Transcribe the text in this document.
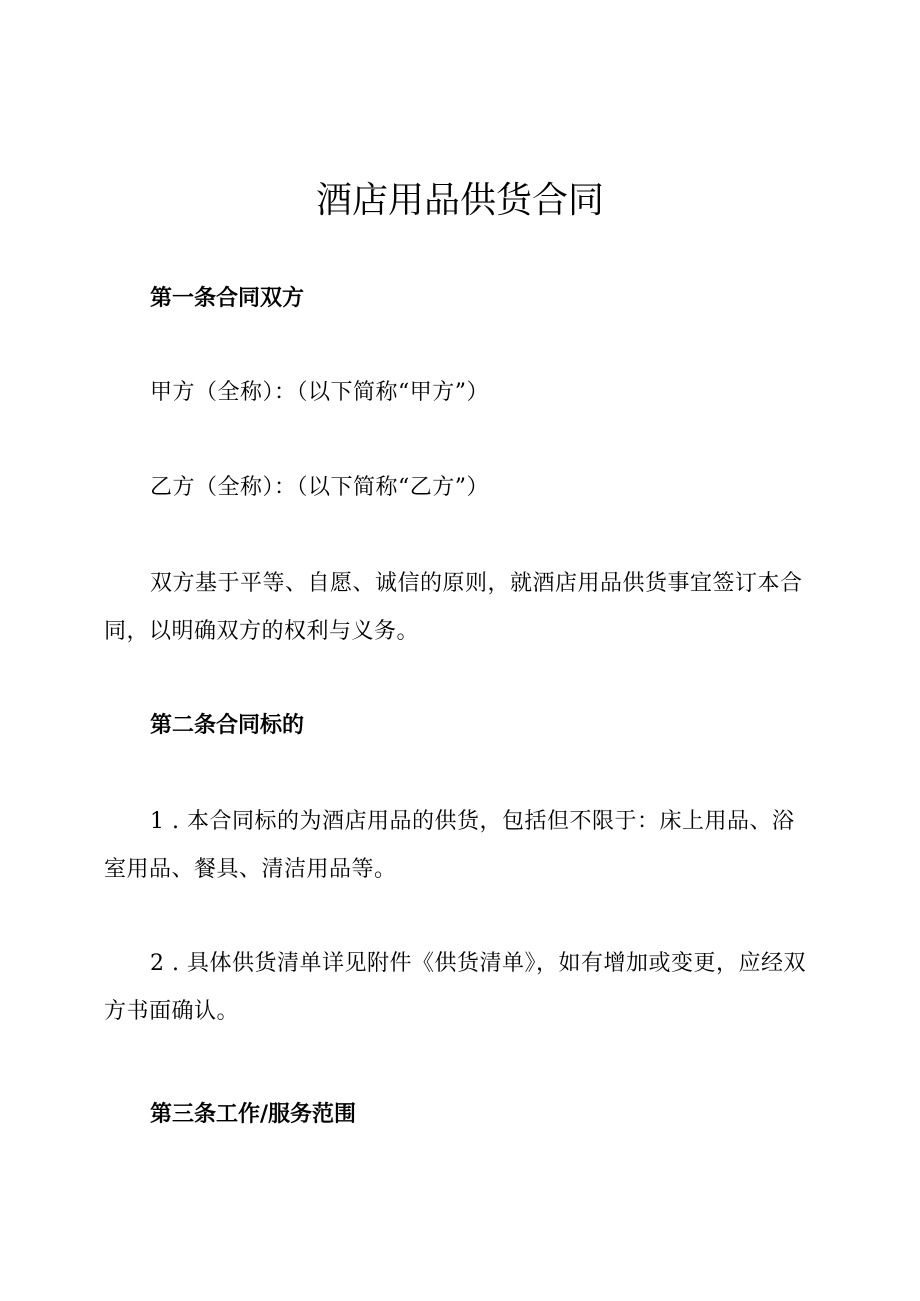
酒店用品供货合同
第一条合同双方

甲方（全称）：（以下简称“甲方”）

乙方（全称）：（以下简称“乙方”）

双方基于平等、自愿、诚信的原则，就酒店用品供货事宜签订本合同，以明确双方的权利与义务。

第二条合同标的

1 . 本合同标的为酒店用品的供货，包括但不限于：床上用品、浴室用品、餐具、清洁用品等。

2 . 具体供货清单详见附件《供货清单》，如有增加或变更，应经双方书面确认。

第三条工作/服务范围
